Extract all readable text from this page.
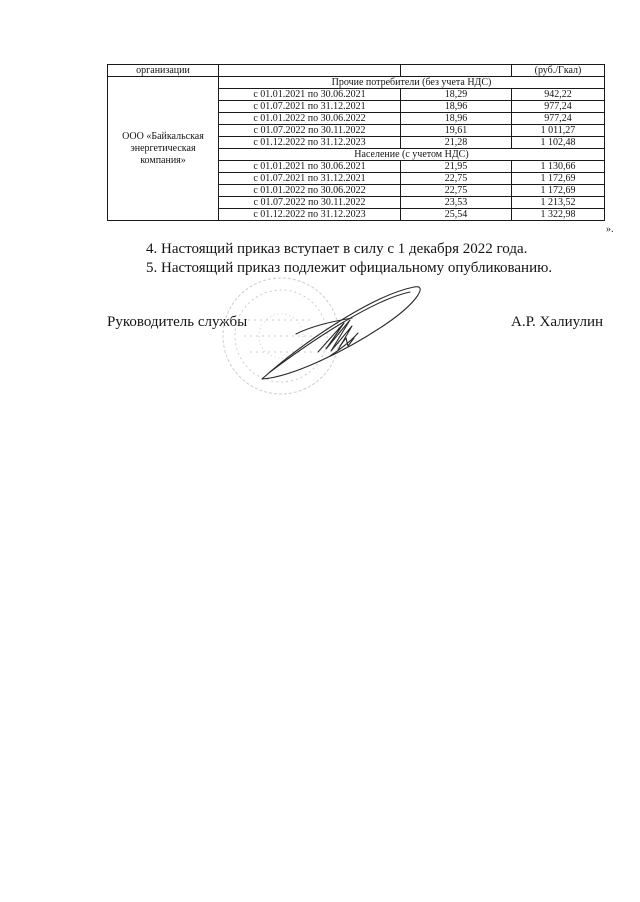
организации			(руб./Гкал)
ООО «Байкальская энергетическая компания»	Прочие потребители (без учета НДС)		
	с 01.01.2021 по 30.06.2021	18,29	942,22
	с 01.07.2021 по 31.12.2021	18,96	977,24
	с 01.01.2022 по 30.06.2022	18,96	977,24
	с 01.07.2022 по 30.11.2022	19,61	1 011,27
	с 01.12.2022 по 31.12.2023	21,28	1 102,48
	Население (с учетом НДС)		
	с 01.01.2021 по 30.06.2021	21,95	1 130,66
	с 01.07.2021 по 31.12.2021	22,75	1 172,69
	с 01.01.2022 по 30.06.2022	22,75	1 172,69
	с 01.07.2022 по 30.11.2022	23,53	1 213,52
	с 01.12.2022 по 31.12.2023	25,54	1 322,98
».
4. Настоящий приказ вступает в силу с 1 декабря 2022 года.
5. Настоящий приказ подлежит официальному опубликованию.
Руководитель службы	А.Р. Халиулин
